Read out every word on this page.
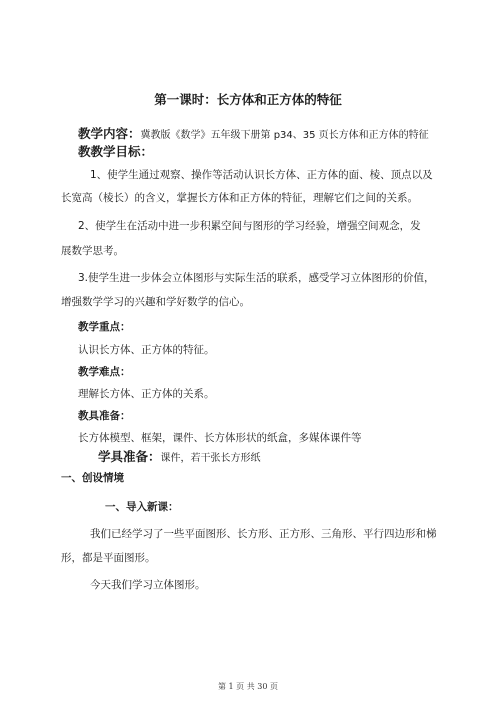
第一课时：长方体和正方体的特征
教学内容：冀教版《数学》五年级下册第 p34、35 页长方体和正方体的特征
教教学目标：
1、使学生通过观察、操作等活动认识长方体、正方体的面、棱、顶点以及
长宽高（棱长）的含义，掌握长方体和正方体的特征，理解它们之间的关系。
2、使学生在活动中进一步积累空间与图形的学习经验，增强空间观念，发
展数学思考。
3.使学生进一步体会立体图形与实际生活的联系，感受学习立体图形的价值，
增强数学学习的兴趣和学好数学的信心。
教学重点：
认识长方体、正方体的特征。
教学难点：
理解长方体、正方体的关系。
教具准备：
长方体模型、框架，课件、长方体形状的纸盒，多媒体课件等
学具准备：课件，若干张长方形纸
一、创设情境
一、导入新课：
我们已经学习了一些平面图形、长方形、正方形、三角形、平行四边形和梯
形，都是平面图形。
今天我们学习立体图形。
第 1 页 共 30 页
